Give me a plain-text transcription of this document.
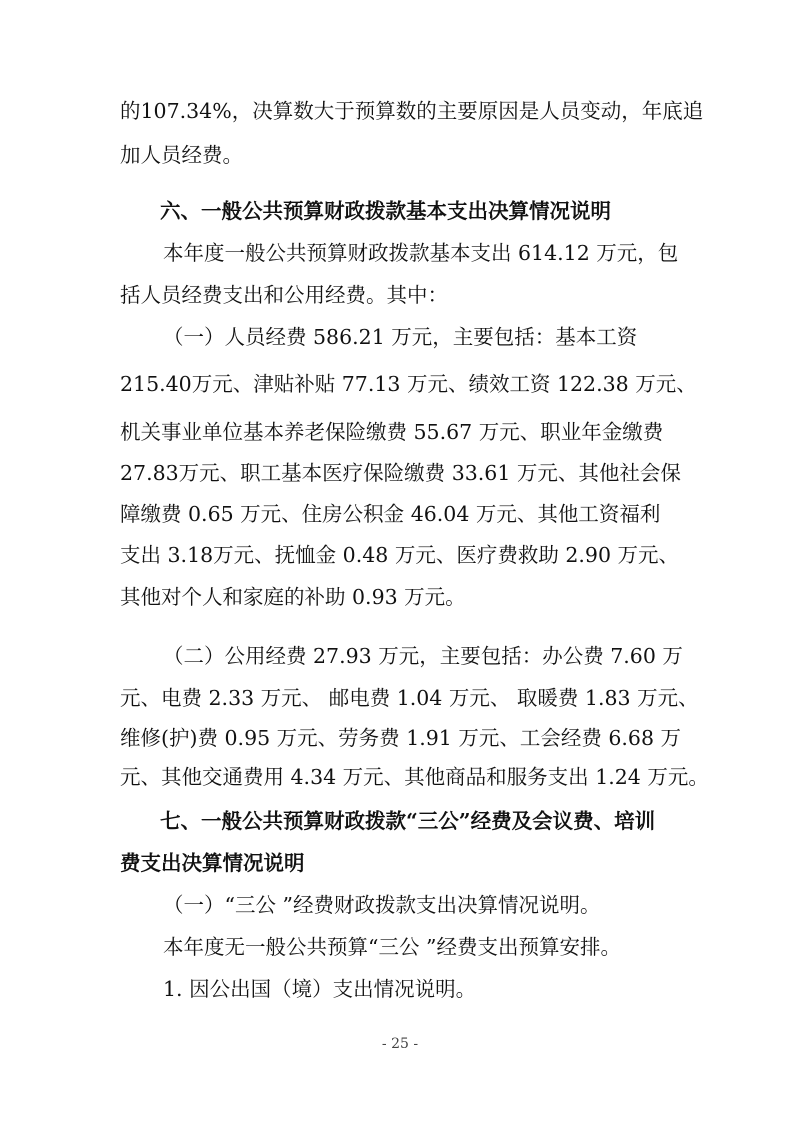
的107.34%，决算数大于预算数的主要原因是人员变动，年底追
加人员经费。
六、一般公共预算财政拨款基本支出决算情况说明
本年度一般公共预算财政拨款基本支出 614.12 万元，包
括人员经费支出和公用经费。其中：
（一）人员经费 586.21 万元，主要包括：基本工资
215.40万元、津贴补贴 77.13 万元、绩效工资 122.38 万元、
机关事业单位基本养老保险缴费 55.67 万元、职业年金缴费
27.83万元、职工基本医疗保险缴费 33.61 万元、其他社会保
障缴费 0.65 万元、住房公积金 46.04 万元、其他工资福利
支出 3.18万元、抚恤金 0.48 万元、医疗费救助 2.90 万元、
其他对个人和家庭的补助 0.93 万元。
（二）公用经费 27.93 万元，主要包括：办公费 7.60 万
元、电费 2.33 万元、 邮电费 1.04 万元、 取暖费 1.83 万元、
维修(护)费 0.95 万元、劳务费 1.91 万元、工会经费 6.68 万
元、其他交通费用 4.34 万元、其他商品和服务支出 1.24 万元。
七、一般公共预算财政拨款“三公”经费及会议费、培训
费支出决算情况说明
（一）“三公 ”经费财政拨款支出决算情况说明。
本年度无一般公共预算“三公 ”经费支出预算安排。
1. 因公出国（境）支出情况说明。
- 25 -
